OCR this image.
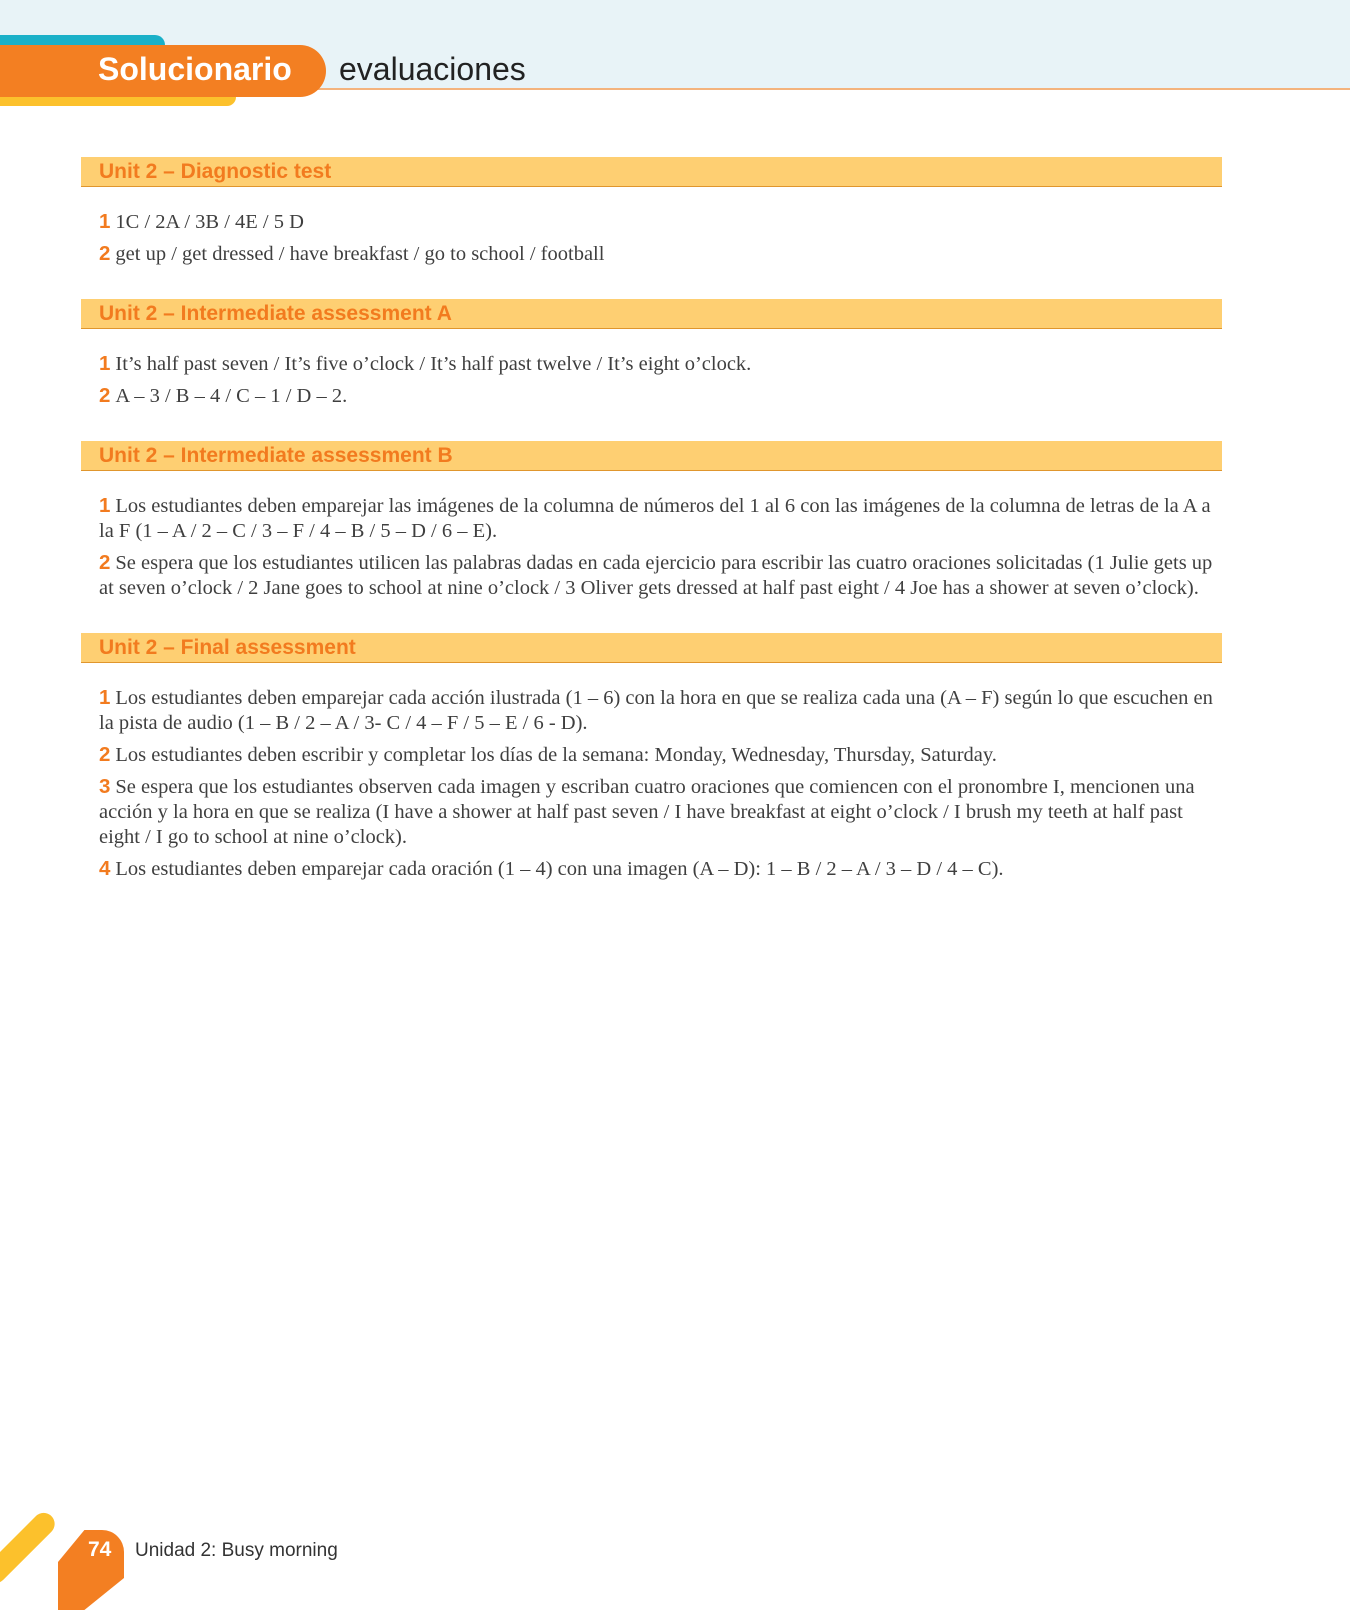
Solucionario evaluaciones
Unit 2 – Diagnostic test
1 1C / 2A / 3B / 4E / 5 D
2 get up / get dressed / have breakfast / go to school / football
Unit 2 – Intermediate assessment A
1 It’s half past seven / It’s five o’clock / It’s half past twelve / It’s eight o’clock.
2 A – 3 / B – 4 / C – 1 / D – 2.
Unit 2 – Intermediate assessment B
1 Los estudiantes deben emparejar las imágenes de la columna de números del 1 al 6 con las imágenes de la columna de letras de la A a la F (1 – A / 2 – C / 3 – F / 4 – B / 5 – D / 6 – E).
2 Se espera que los estudiantes utilicen las palabras dadas en cada ejercicio para escribir las cuatro oraciones solicitadas (1 Julie gets up at seven o’clock / 2 Jane goes to school at nine o’clock / 3 Oliver gets dressed at half past eight / 4 Joe has a shower at seven o’clock).
Unit 2 – Final assessment
1 Los estudiantes deben emparejar cada acción ilustrada (1 – 6) con la hora en que se realiza cada una (A – F) según lo que escuchen en la pista de audio (1 – B / 2 – A / 3- C / 4 – F / 5 – E / 6 - D).
2 Los estudiantes deben escribir y completar los días de la semana: Monday, Wednesday, Thursday, Saturday.
3 Se espera que los estudiantes observen cada imagen y escriban cuatro oraciones que comiencen con el pronombre I, mencionen una acción y la hora en que se realiza (I have a shower at half past seven / I have breakfast at eight o’clock / I brush my teeth at half past eight / I go to school at nine o’clock).
4 Los estudiantes deben emparejar cada oración (1 – 4) con una imagen (A – D): 1 – B / 2 – A / 3 – D / 4 – C).
74 Unidad 2: Busy morning
